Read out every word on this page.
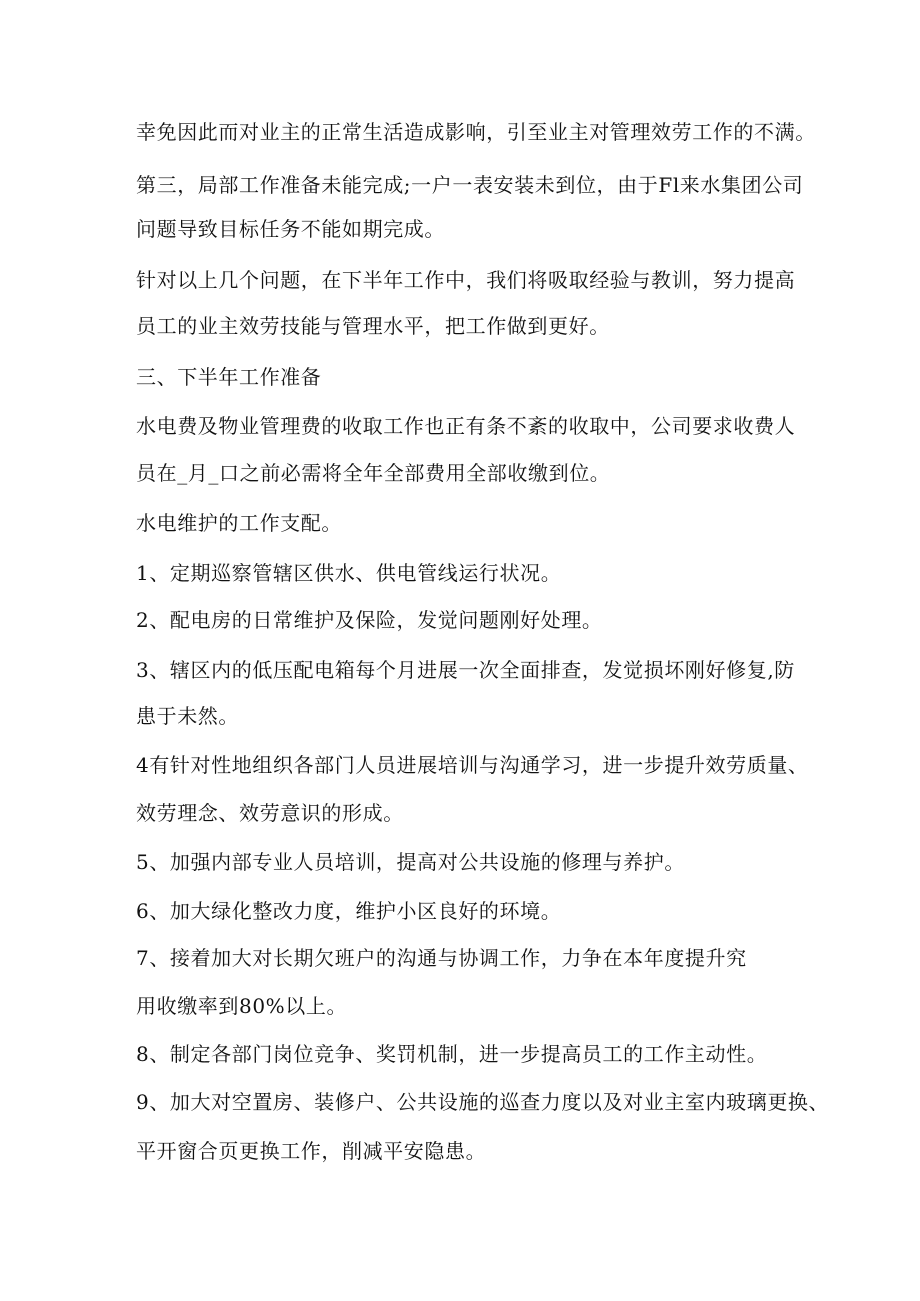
幸免因此而对业主的正常生活造成影响，引至业主对管理效劳工作的不满。
第三，局部工作准备未能完成;一户一表安装未到位，由于Fl来水集团公司
问题导致目标任务不能如期完成。
针对以上几个问题，在下半年工作中，我们将吸取经验与教训，努力提高
员工的业主效劳技能与管理水平，把工作做到更好。
三、下半年工作准备
水电费及物业管理费的收取工作也正有条不紊的收取中，公司要求收费人
员在_月_口之前必需将全年全部费用全部收缴到位。
水电维护的工作支配。
1、定期巡察管辖区供水、供电管线运行状况。
2、配电房的日常维护及保险，发觉问题刚好处理。
3、辖区内的低压配电箱每个月进展一次全面排查，发觉损坏刚好修复,防
患于未然。
4有针对性地组织各部门人员进展培训与沟通学习，进一步提升效劳质量、
效劳理念、效劳意识的形成。
5、加强内部专业人员培训，提高对公共设施的修理与养护。
6、加大绿化整改力度，维护小区良好的环境。
7、接着加大对长期欠班户的沟通与协调工作，力争在本年度提升究
用收缴率到80%以上。
8、制定各部门岗位竞争、奖罚机制，进一步提高员工的工作主动性。
9、加大对空置房、装修户、公共设施的巡查力度以及对业主室内玻璃更换、
平开窗合页更换工作，削减平安隐患。
